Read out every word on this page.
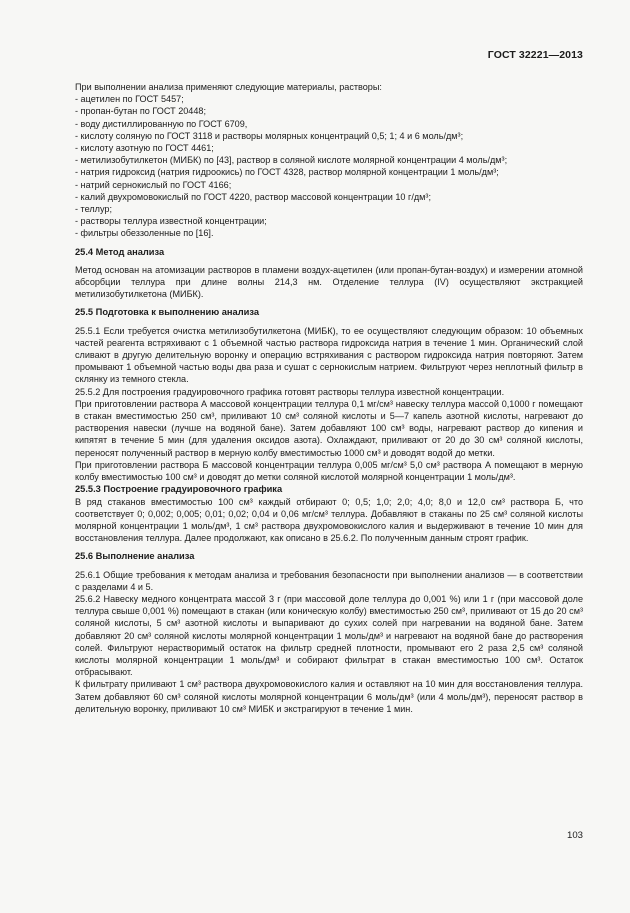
ГОСТ 32221—2013

При выполнении анализа применяют следующие материалы, растворы:

- ацетилен по ГОСТ 5457;
- пропан-бутан по ГОСТ 20448;
- воду дистиллированную по ГОСТ 6709,
- кислоту соляную по ГОСТ 3118 и растворы молярных концентраций 0,5; 1; 4 и 6 моль/дм³;
- кислоту азотную по ГОСТ 4461;
- метилизобутилкетон (МИБК) по [43], раствор в соляной кислоте молярной концентрации 4 моль/дм³;
- натрия гидроксид (натрия гидроокись) по ГОСТ 4328, раствор молярной концентрации 1 моль/дм³;
- натрий сернокислый по ГОСТ 4166;
- калий двухромовокислый по ГОСТ 4220, раствор массовой концентрации 10 г/дм³;
- теллур;
- растворы теллура известной концентрации;
- фильтры обеззоленные по [16].
25.4 Метод анализа

Метод основан на атомизации растворов в пламени воздух-ацетилен (или пропан-бутан-воздух) и измерении атомной абсорбции теллура при длине волны 214,3 нм. Отделение теллура (IV) осуществляют экстракцией метилизобутилкетона (МИБК).

25.5 Подготовка к выполнению анализа

25.5.1 Если требуется очистка метилизобутилкетона (МИБК), то ее осуществляют следующим образом: 10 объемных частей реагента встряхивают с 1 объемной частью раствора гидроксида натрия в течение 1 мин. Органический слой сливают в другую делительную воронку и операцию встряхивания с раствором гидроксида натрия повторяют. Затем промывают 1 объемной частью воды два раза и сушат с сернокислым натрием. Фильтруют через неплотный фильтр в склянку из темного стекла.

25.5.2 Для построения градуировочного графика готовят растворы теллура известной концентрации.

При приготовлении раствора А массовой концентрации теллура 0,1 мг/см³ навеску теллура массой 0,1000 г помещают в стакан вместимостью 250 см³, приливают 10 см³ соляной кислоты и 5—7 капель азотной кислоты, нагревают до растворения навески (лучше на водяной бане). Затем добавляют 100 см³ воды, нагревают раствор до кипения и кипятят в течение 5 мин (для удаления оксидов азота). Охлаждают, приливают от 20 до 30 см³ соляной кислоты, переносят полученный раствор в мерную колбу вместимостью 1000 см³ и доводят водой до метки.

При приготовлении раствора Б массовой концентрации теллура 0,005 мг/см³ 5,0 см³ раствора А помещают в мерную колбу вместимостью 100 см³ и доводят до метки соляной кислотой молярной концентрации 1 моль/дм³.

25.5.3 Построение градуировочного графика

В ряд стаканов вместимостью 100 см³ каждый отбирают 0; 0,5; 1,0; 2,0; 4,0; 8,0 и 12,0 см³ раствора Б, что соответствует 0; 0,002; 0,005; 0,01; 0,02; 0,04 и 0,06 мг/см³ теллура. Добавляют в стаканы по 25 см³ соляной кислоты молярной концентрации 1 моль/дм³, 1 см³ раствора двухромовокислого калия и выдерживают в течение 10 мин для восстановления теллура. Далее продолжают, как описано в 25.6.2. По полученным данным строят график.

25.6 Выполнение анализа

25.6.1 Общие требования к методам анализа и требования безопасности при выполнении анализов — в соответствии с разделами 4 и 5.

25.6.2 Навеску медного концентрата массой 3 г (при массовой доле теллура до 0,001 %) или 1 г (при массовой доле теллура свыше 0,001 %) помещают в стакан (или коническую колбу) вместимостью 250 см³, приливают от 15 до 20 см³ соляной кислоты, 5 см³ азотной кислоты и выпаривают до сухих солей при нагревании на водяной бане. Затем добавляют 20 см³ соляной кислоты молярной концентрации 1 моль/дм³ и нагревают на водяной бане до растворения солей. Фильтруют нерастворимый остаток на фильтр средней плотности, промывают его 2 раза 2,5 см³ соляной кислоты молярной концентрации 1 моль/дм³ и собирают фильтрат в стакан вместимостью 100 см³. Остаток отбрасывают.

К фильтрату приливают 1 см³ раствора двухромовокислого калия и оставляют на 10 мин для восстановления теллура. Затем добавляют 60 см³ соляной кислоты молярной концентрации 6 моль/дм³ (или 4 моль/дм³), переносят раствор в делительную воронку, приливают 10 см³ МИБК и экстрагируют в течение 1 мин.

103
